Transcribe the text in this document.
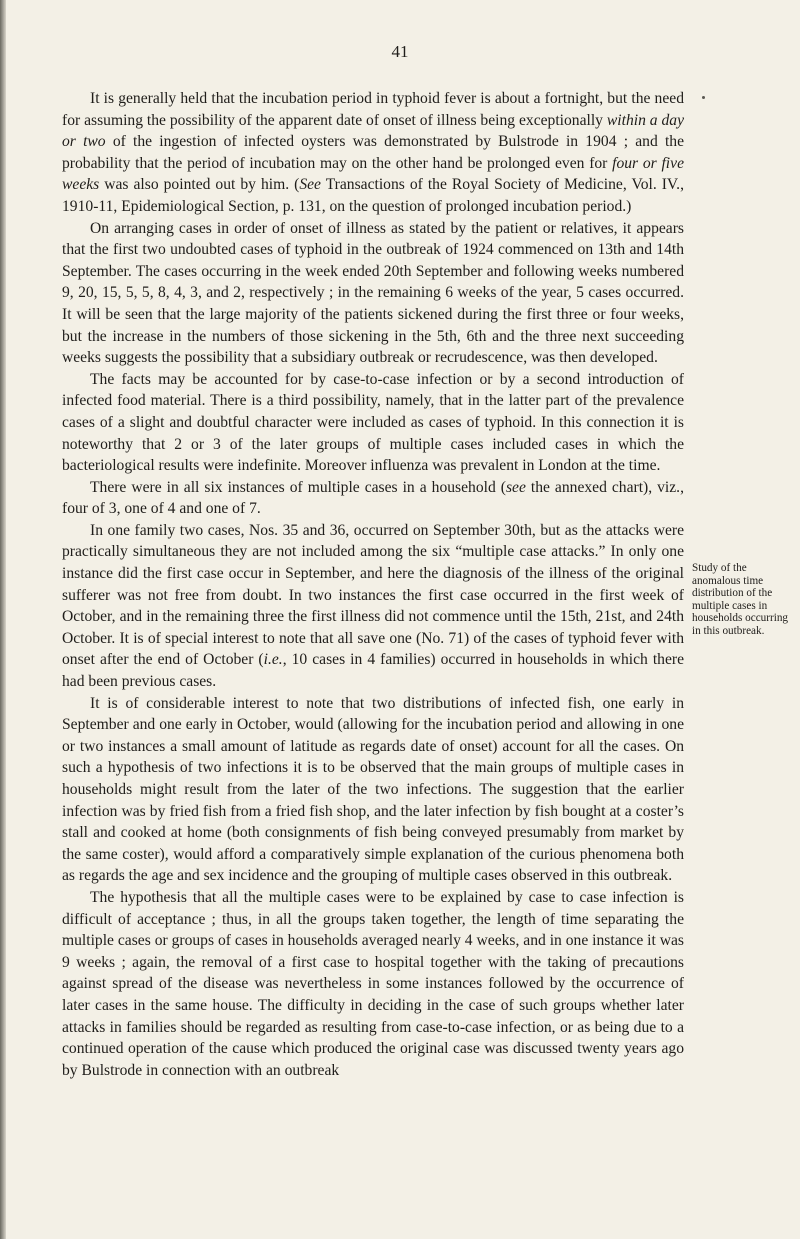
41

It is generally held that the incubation period in typhoid fever is about a fortnight, but the need for assuming the possibility of the apparent date of onset of illness being exceptionally within a day or two of the ingestion of infected oysters was demonstrated by Bulstrode in 1904 ; and the probability that the period of incubation may on the other hand be prolonged even for four or five weeks was also pointed out by him. (See Transactions of the Royal Society of Medicine, Vol. IV., 1910-11, Epidemiological Section, p. 131, on the question of prolonged incubation period.)

On arranging cases in order of onset of illness as stated by the patient or relatives, it appears that the first two undoubted cases of typhoid in the outbreak of 1924 commenced on 13th and 14th September. The cases occurring in the week ended 20th September and following weeks numbered 9, 20, 15, 5, 5, 8, 4, 3, and 2, respectively ; in the remaining 6 weeks of the year, 5 cases occurred. It will be seen that the large majority of the patients sickened during the first three or four weeks, but the increase in the numbers of those sickening in the 5th, 6th and the three next succeeding weeks suggests the possibility that a subsidiary outbreak or recrudescence, was then developed.

The facts may be accounted for by case-to-case infection or by a second introduction of infected food material. There is a third possibility, namely, that in the latter part of the prevalence cases of a slight and doubtful character were included as cases of typhoid. In this connection it is noteworthy that 2 or 3 of the later groups of multiple cases included cases in which the bacteriological results were indefinite. Moreover influenza was prevalent in London at the time.

There were in all six instances of multiple cases in a household (see the annexed chart), viz., four of 3, one of 4 and one of 7.

In one family two cases, Nos. 35 and 36, occurred on September 30th, but as the attacks were practically simultaneous they are not included among the six “multiple case attacks.” In only one instance did the first case occur in September, and here the diagnosis of the illness of the original sufferer was not free from doubt. In two instances the first case occurred in the first week of October, and in the remaining three the first illness did not commence until the 15th, 21st, and 24th October. It is of special interest to note that all save one (No. 71) of the cases of typhoid fever with onset after the end of October (i.e., 10 cases in 4 families) occurred in households in which there had been previous cases.

It is of considerable interest to note that two distributions of infected fish, one early in September and one early in October, would (allowing for the incubation period and allowing in one or two instances a small amount of latitude as regards date of onset) account for all the cases. On such a hypothesis of two infections it is to be observed that the main groups of multiple cases in households might result from the later of the two infections. The suggestion that the earlier infection was by fried fish from a fried fish shop, and the later infection by fish bought at a coster’s stall and cooked at home (both consignments of fish being conveyed presumably from market by the same coster), would afford a comparatively simple explanation of the curious phenomena both as regards the age and sex incidence and the grouping of multiple cases observed in this outbreak.

The hypothesis that all the multiple cases were to be explained by case to case infection is difficult of acceptance ; thus, in all the groups taken together, the length of time separating the multiple cases or groups of cases in households averaged nearly 4 weeks, and in one instance it was 9 weeks ; again, the removal of a first case to hospital together with the taking of precautions against spread of the disease was nevertheless in some instances followed by the occurrence of later cases in the same house. The difficulty in deciding in the case of such groups whether later attacks in families should be regarded as resulting from case-to-case infection, or as being due to a continued operation of the cause which produced the original case was discussed twenty years ago by Bulstrode in connection with an outbreak

Study of the anomalous time distribution of the multiple cases in households occurring in this outbreak.
